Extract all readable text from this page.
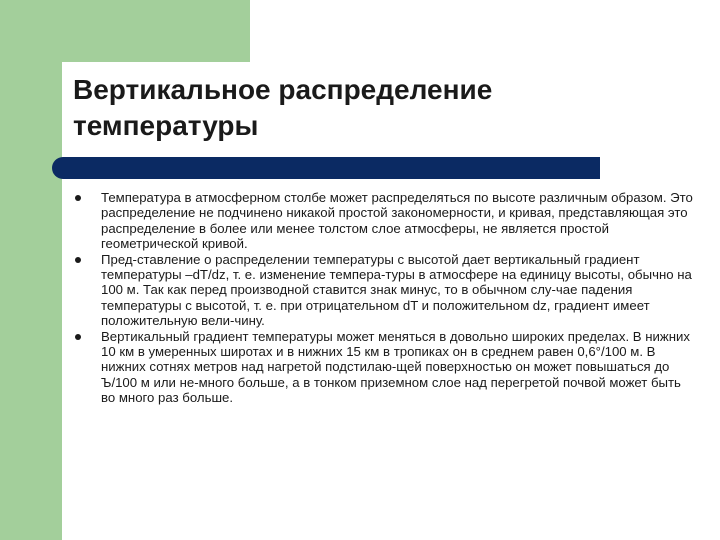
Вертикальное распределение температуры
Температура в атмосферном столбе может распределяться по высоте различным образом. Это распределение не подчинено никакой простой закономерности, и кривая, представляющая это распределение в более или менее толстом слое атмосферы, не является простой геометрической кривой.
Пред-ставление о распределении температуры с высотой дает вертикальный градиент температуры –dT/dz, т. е. изменение темпера-туры в атмосфере на единицу высоты, обычно на 100 м. Так как перед производной ставится знак минус, то в обычном слу-чае падения температуры с высотой, т. е. при отрицательном dT и положительном dz, градиент имеет положительную вели-чину.
Вертикальный градиент температуры может меняться в довольно широких пределах. В нижних 10 км в умеренных широтах и в нижних 15 км в тропиках он в среднем равен 0,6°/100 м. В нижних сотнях метров над нагретой подстилаю-щей поверхностью он может повышаться до Ъ/100 м или не-много больше, а в тонком приземном слое над перегретой почвой может быть во много раз больше.
